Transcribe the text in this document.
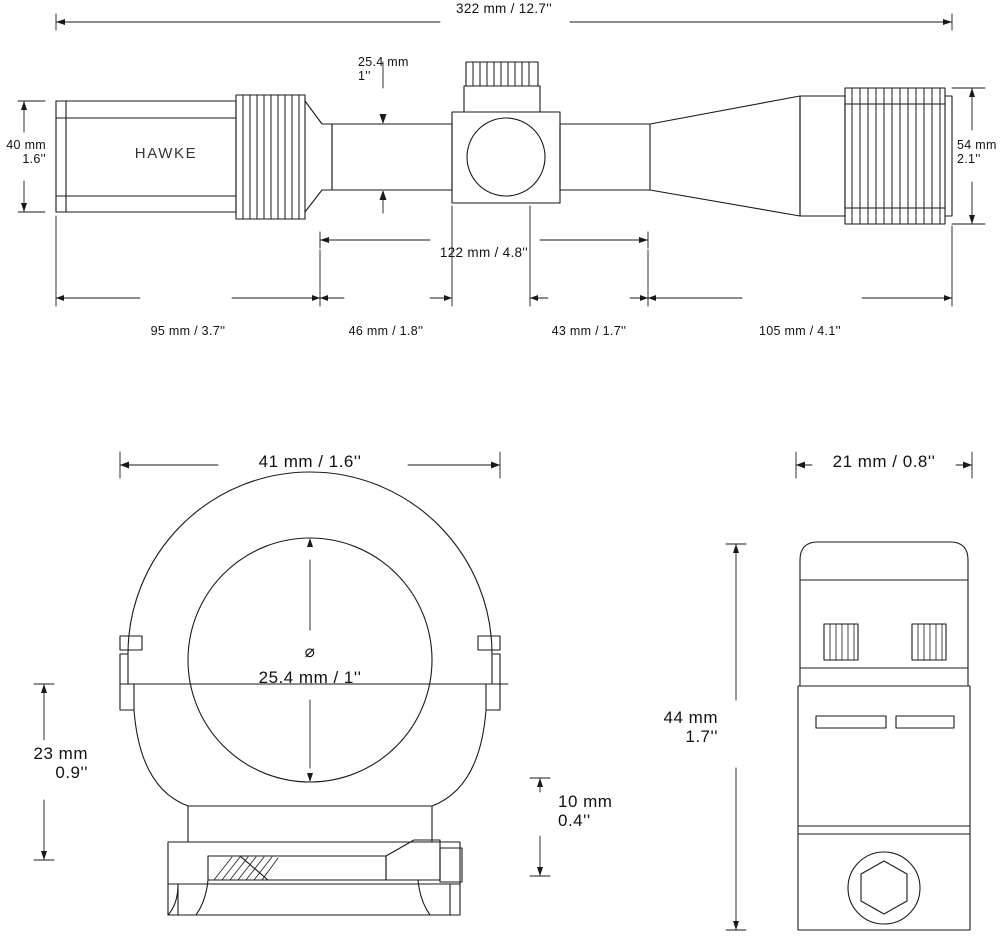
322 mm / 12.7''
25.4 mm
1''
40 mm
1.6''
54 mm
2.1''
122 mm / 4.8''
95 mm / 3.7''	46 mm / 1.8''	43 mm / 1.7''	105 mm / 4.1''
41 mm / 1.6''
⌀
25.4 mm / 1''
23 mm
0.9''
10 mm
0.4''
21 mm / 0.8''
44 mm
1.7''
HAWKE
